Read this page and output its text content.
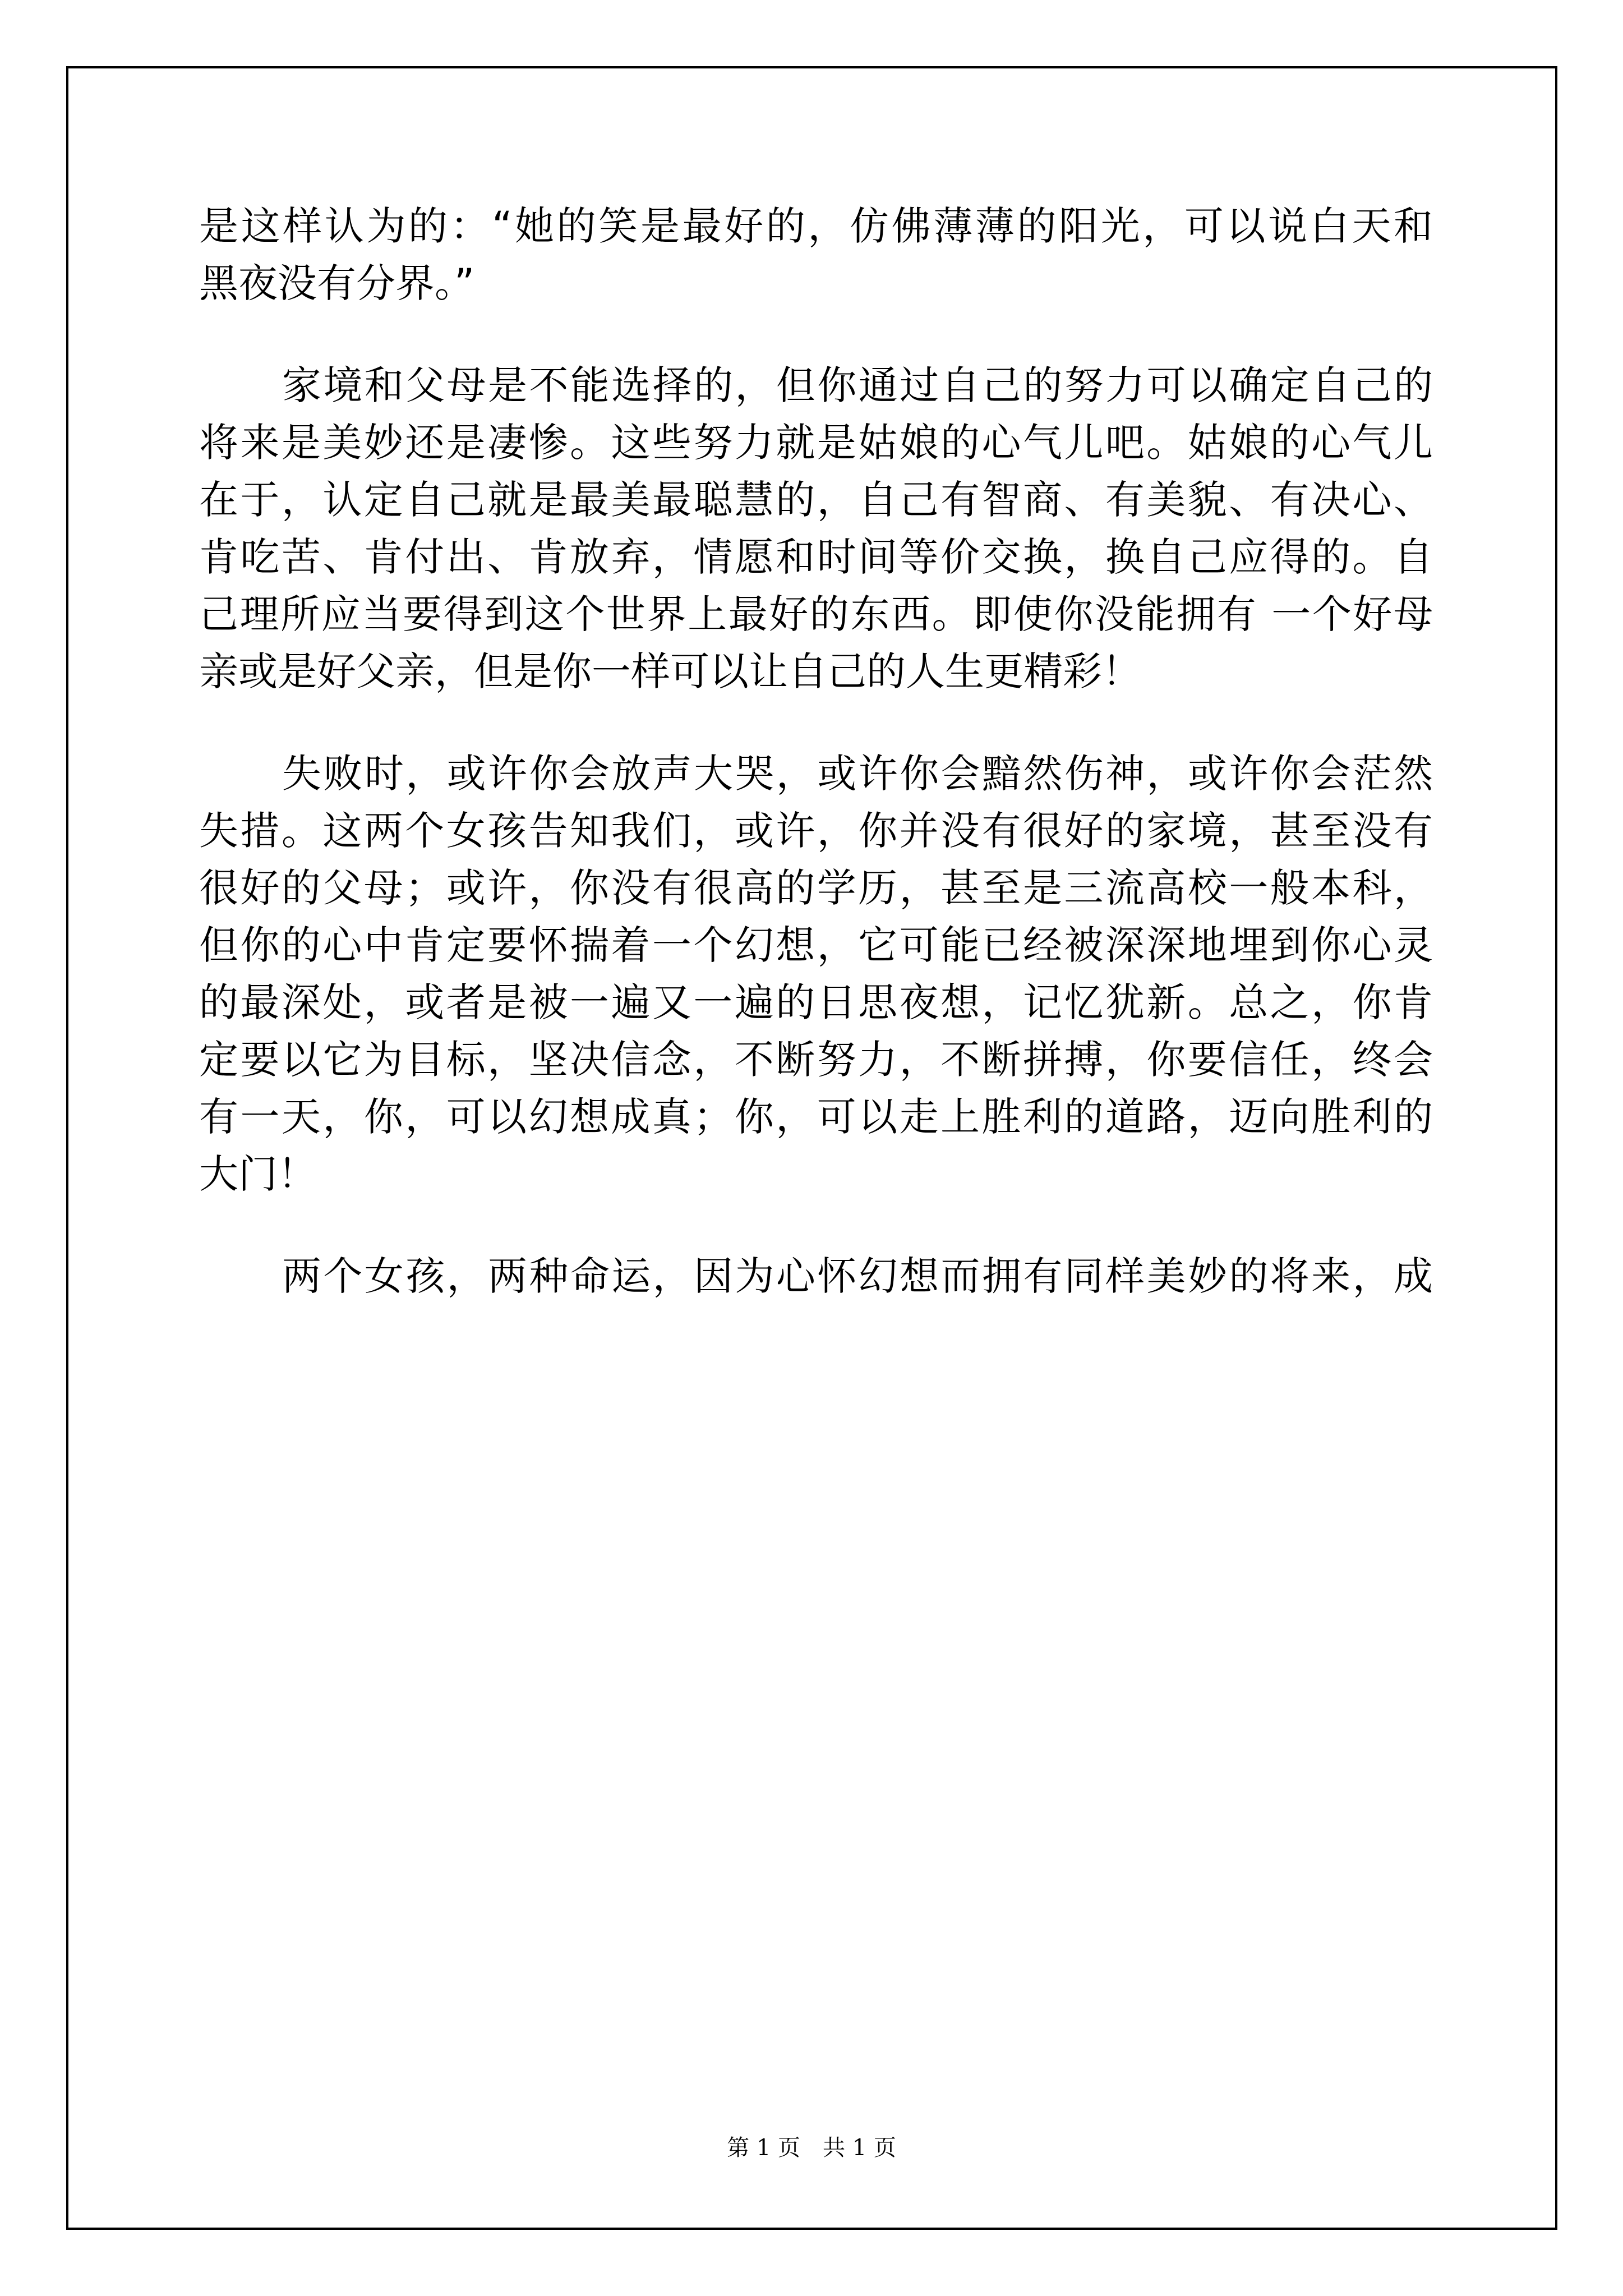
是这样认为的：“她的笑是最好的，仿佛薄薄的阳光，可以说白天和

黑夜没有分界。”

家境和父母是不能选择的，但你通过自己的努力可以确定自己的

将来是美妙还是凄惨。这些努力就是姑娘的心气儿吧。姑娘的心气儿

在于，认定自己就是最美最聪慧的，自己有智商、有美貌、有决心、

肯吃苦、肯付出、肯放弃，情愿和时间等价交换，换自己应得的。自

己理所应当要得到这个世界上最好的东西。即使你没能拥有 一个好母

亲或是好父亲，但是你一样可以让自己的人生更精彩！

失败时，或许你会放声大哭，或许你会黯然伤神，或许你会茫然

失措。这两个女孩告知我们，或许，你并没有很好的家境，甚至没有

很好的父母；或许，你没有很高的学历，甚至是三流高校一般本科，

但你的心中肯定要怀揣着一个幻想，它可能已经被深深地埋到你心灵

的最深处，或者是被一遍又一遍的日思夜想，记忆犹新。总之，你肯

定要以它为目标，坚决信念，不断努力，不断拼搏，你要信任，终会

有一天，你，可以幻想成真；你，可以走上胜利的道路，迈向胜利的

大门！

两个女孩，两种命运，因为心怀幻想而拥有同样美妙的将来，成

第 1 页　共 1 页
